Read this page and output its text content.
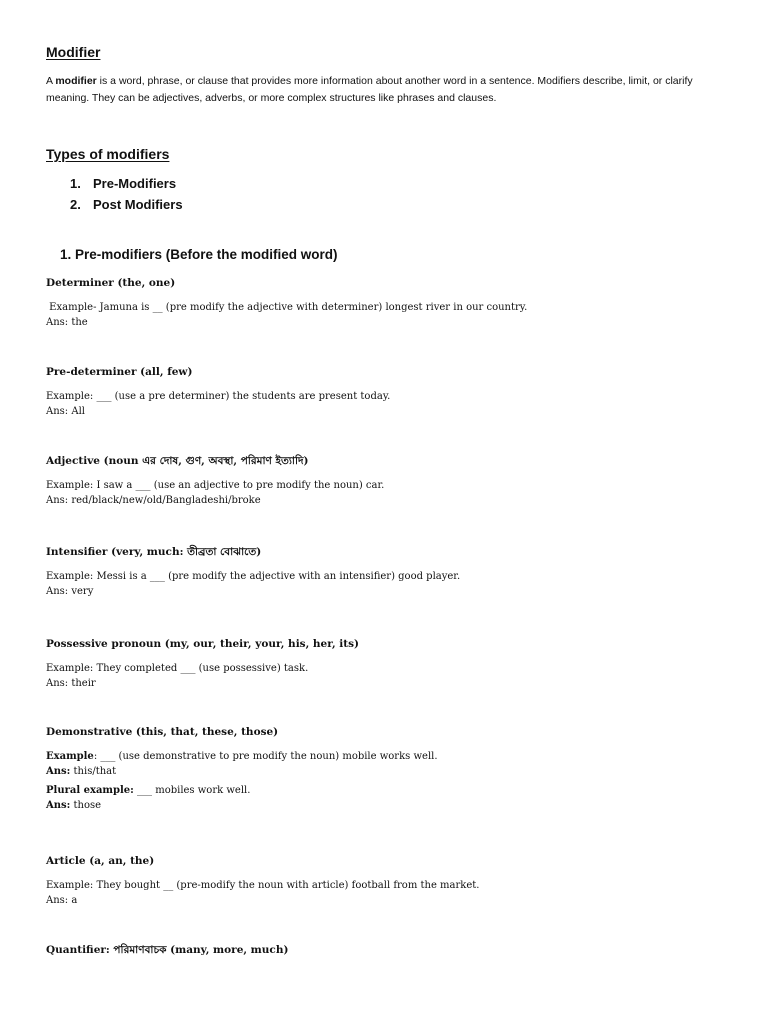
Modifier
A modifier is a word, phrase, or clause that provides more information about another word in a sentence. Modifiers describe, limit, or clarify meaning. They can be adjectives, adverbs, or more complex structures like phrases and clauses.
Types of modifiers
1. Pre-Modifiers
2. Post Modifiers
1. Pre-modifiers (Before the modified word)

Determiner (the, one)

Example- Jamuna is __ (pre modify the adjective with determiner) longest river in our country.

Ans: the

Pre-determiner (all, few)

Example: ___ (use a pre determiner) the students are present today.

Ans: All

Adjective (noun এর দোষ, গুণ, অবস্থা, পরিমাণ ইত্যাদি)

Example: I saw a ___ (use an adjective to pre modify the noun) car.

Ans: red/black/new/old/Bangladeshi/broke

Intensifier (very, much: তীব্রতা বোঝাতে)

Example: Messi is a ___ (pre modify the adjective with an intensifier) good player.

Ans: very

Possessive pronoun (my, our, their, your, his, her, its)

Example: They completed ___ (use possessive) task.

Ans: their

Demonstrative (this, that, these, those)

Example: ___ (use demonstrative to pre modify the noun) mobile works well.

Ans: this/that

Plural example: ___ mobiles work well.

Ans: those

Article (a, an, the)

Example: They bought __ (pre-modify the noun with article) football from the market.

Ans: a

Quantifier: পরিমাণবাচক (many, more, much)
